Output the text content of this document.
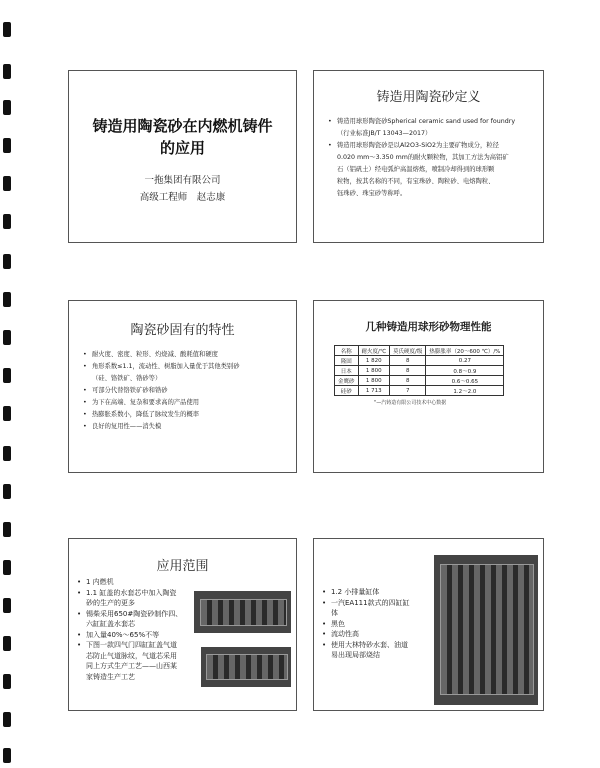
铸造用陶瓷砂在内燃机铸件
的应用
一拖集团有限公司
高级工程师　赵志康
铸造用陶瓷砂定义
• 铸造用球形陶瓷砂Spherical ceramic sand used for foundry
（行业标准JB/T 13043—2017）
• 铸造用球形陶瓷砂是以Al2O3-SiO2为主要矿物成分，粒径
0.020 mm～3.350 mm的耐火颗粒物，其加工方法为高铝矿
石（铝矾土）经电弧炉高温熔炼，喷制冷却得到的球形颗
粒物，按其名称的不同，有宝珠砂、陶粒砂、电熔陶粒、
钰珠砂、珠宝砂等称呼。
陶瓷砂固有的特性
• 耐火度、密度、粒形、灼烧减、酸耗值和硬度
• 角形系数≤1.1，流动性、树脂加入量优于其他类别砂
（硅、铬铁矿、锆砂等）
• 可部分代替铬铁矿砂和锆砂
• 为下在高端、复杂和要求高的产品使用
• 热膨胀系数小，降低了脉纹发生的概率
• 良好的复用性——消失模
几种铸造用球形砂物理性能
名称	耐火度/℃	莫氏硬度/级	热膨胀率（20～600 ℃）/%
隆固	1 820	8	0.27
日本	1 800	8	0.8～0.9
金鹰砂	1 800	8	0.6～0.65
硅砂	1 713	7	1.2～2.0
"—汽铸造有限公司技术中心数据
应用范围
• 1 内燃机
• 1.1 缸盖的水套芯中加入陶瓷
砂的生产的更多
• 锡柴采用650#陶瓷砂制作四、
六缸缸盖水套芯
• 加入量40%～65%不等
• 下图一款四气门四缸缸盖气道
芯防止气道脉纹，气道芯采用
同上方式生产工艺——山西某
家铸造生产工艺
• 1.2 小排量缸体
• 一汽EA111款式的四缸缸
体
• 黑色
• 流动性高
• 使用大林特砂水套、油道
易出现局部烧结
